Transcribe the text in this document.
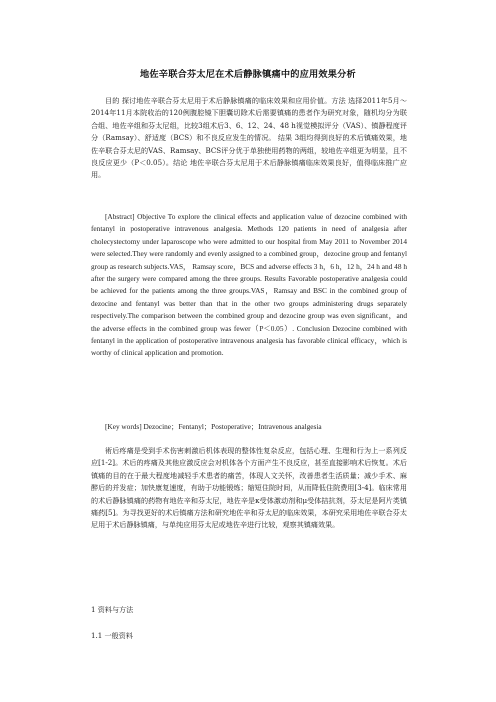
地佐辛联合芬太尼在术后静脉镇痛中的应用效果分析

目的 探讨地佐辛联合芬太尼用于术后静脉镇痛的临床效果和应用价值。方法 选择2011年5月～2014年11月本院收治的120例腹腔镜下胆囊切除术后需要镇痛的患者作为研究对象，随机均分为联合组、地佐辛组和芬太尼组，比较3组术后3、6、12、24、48 h视觉模拟评分（VAS）、镇静程度评分（Ramsay）、舒适度（BCS）和不良反应发生的情况。 结果 3组均得到良好的术后镇痛效果，地佐辛联合芬太尼的VAS、Ramsay、BCS评分优于单独使用药物的两组，较地佐辛组更为明显，且不良反应更少（P＜0.05）。结论 地佐辛联合芬太尼用于术后静脉镇痛临床效果良好，值得临床推广应用。

[Abstract] Objective To explore the clinical effects and application value of dezocine combined with fentanyl in postoperative intravenous analgesia. Methods 120 patients in need of analgesia after cholecystectomy under laparoscope who were admitted to our hospital from May 2011 to November 2014 were selected.They were randomly and evenly assigned to a combined group，dezocine group and fentanyl group as research subjects.VAS， Ramsay score，BCS and adverse effects 3 h，6 h，12 h，24 h and 48 h after the surgery were compared among the three groups. Results Favorable postoperative analgesia could be achieved for the patients among the three groups.VAS，Ramsay and BSC in the combined group of dezocine and fentanyl was better than that in the other two groups administering drugs separately respectively.The comparison between the combined group and dezocine group was even significant，and the adverse effects in the combined group was fewer（P＜0.05）. Conclusion Dezocine combined with fentanyl in the application of postoperative intravenous analgesia has favorable clinical efficacy，which is worthy of clinical application and promotion.

[Key words] Dezocine；Fentanyl；Postoperative；Intravenous analgesia

術后疼痛是受到手术伤害刺激后机体表现的整体性复杂反应，包括心理、生理和行为上一系列反应[1-2]。术后的疼痛及其他应激反应会对机体各个方面产生不良反应，甚至直接影响术后恢复。术后镇痛的目的在于最大程度地减轻手术患者的痛苦，体现人文关怀，改善患者生活质量；减少手术、麻醉后的并发症；加快康复速度，有助于功能锻炼；缩短住院时间，从而降低住院费用[3-4]。临床常用的术后静脉镇痛的药物有地佐辛和芬太尼，地佐辛是κ受体激动剂和μ受体拮抗剂，芬太尼是阿片类镇痛药[5]。为寻找更好的术后镇痛方法和研究地佐辛和芬太尼的临床效果，本研究采用地佐辛联合芬太尼用于术后静脉镇痛，与单纯应用芬太尼或地佐辛进行比较，观察其镇痛效果。

1 资料与方法

1.1 一般资料
